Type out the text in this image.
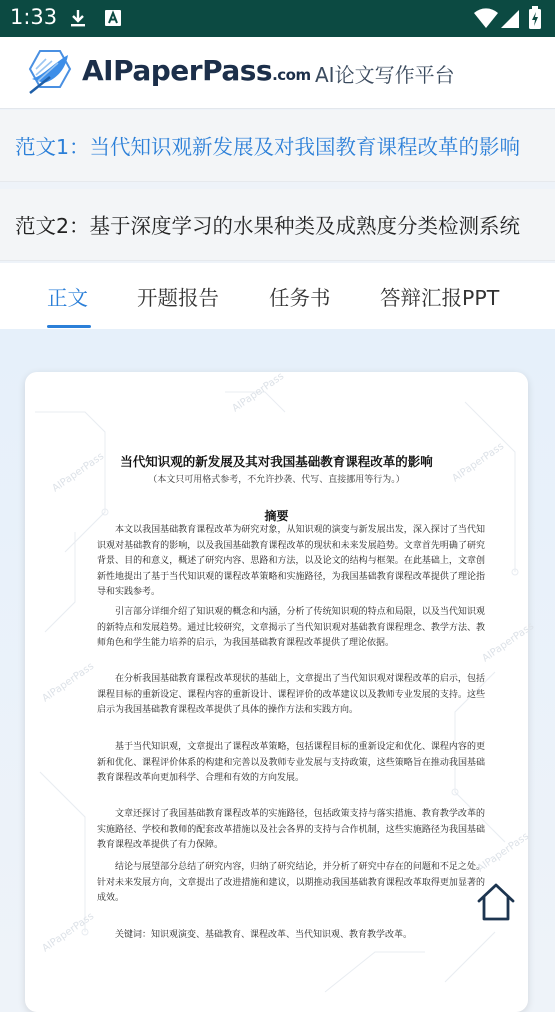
1:33
AIPaperPass.com AI论文写作平台
范文1：当代知识观新发展及对我国教育课程改革的影响
范文2：基于深度学习的水果种类及成熟度分类检测系统
正文 开题报告 任务书 答辩汇报PPT
AIPaperPass
AIPaperPass
AIPaperPass
AIPaperPass
AIPaperPass
AIPaperPass
AIPaperPass
当代知识观的新发展及其对我国基础教育课程改革的影响
（本文只可用格式参考，不允许抄袭、代写、直接挪用等行为。）
摘要

本文以我国基础教育课程改革为研究对象，从知识观的演变与新发展出发，深入探讨了当代知识观对基础教育的影响，以及我国基础教育课程改革的现状和未来发展趋势。文章首先明确了研究背景、目的和意义，概述了研究内容、思路和方法，以及论文的结构与框架。在此基础上，文章创新性地提出了基于当代知识观的课程改革策略和实施路径，为我国基础教育课程改革提供了理论指导和实践参考。

引言部分详细介绍了知识观的概念和内涵，分析了传统知识观的特点和局限，以及当代知识观的新特点和发展趋势。通过比较研究，文章揭示了当代知识观对基础教育课程理念、教学方法、教师角色和学生能力培养的启示，为我国基础教育课程改革提供了理论依据。

在分析我国基础教育课程改革现状的基础上，文章提出了当代知识观对课程改革的启示，包括课程目标的重新设定、课程内容的重新设计、课程评价的改革建议以及教师专业发展的支持。这些启示为我国基础教育课程改革提供了具体的操作方法和实践方向。

基于当代知识观，文章提出了课程改革策略，包括课程目标的重新设定和优化、课程内容的更新和优化、课程评价体系的构建和完善以及教师专业发展与支持政策，这些策略旨在推动我国基础教育课程改革向更加科学、合理和有效的方向发展。

文章还探讨了我国基础教育课程改革的实施路径，包括政策支持与落实措施、教育教学改革的实施路径、学校和教师的配套改革措施以及社会各界的支持与合作机制，这些实施路径为我国基础教育课程改革提供了有力保障。

结论与展望部分总结了研究内容，归纳了研究结论，并分析了研究中存在的问题和不足之处。针对未来发展方向，文章提出了改进措施和建议，以期推动我国基础教育课程改革取得更加显著的成效。

关键词：知识观演变、基础教育、课程改革、当代知识观、教育教学改革。
